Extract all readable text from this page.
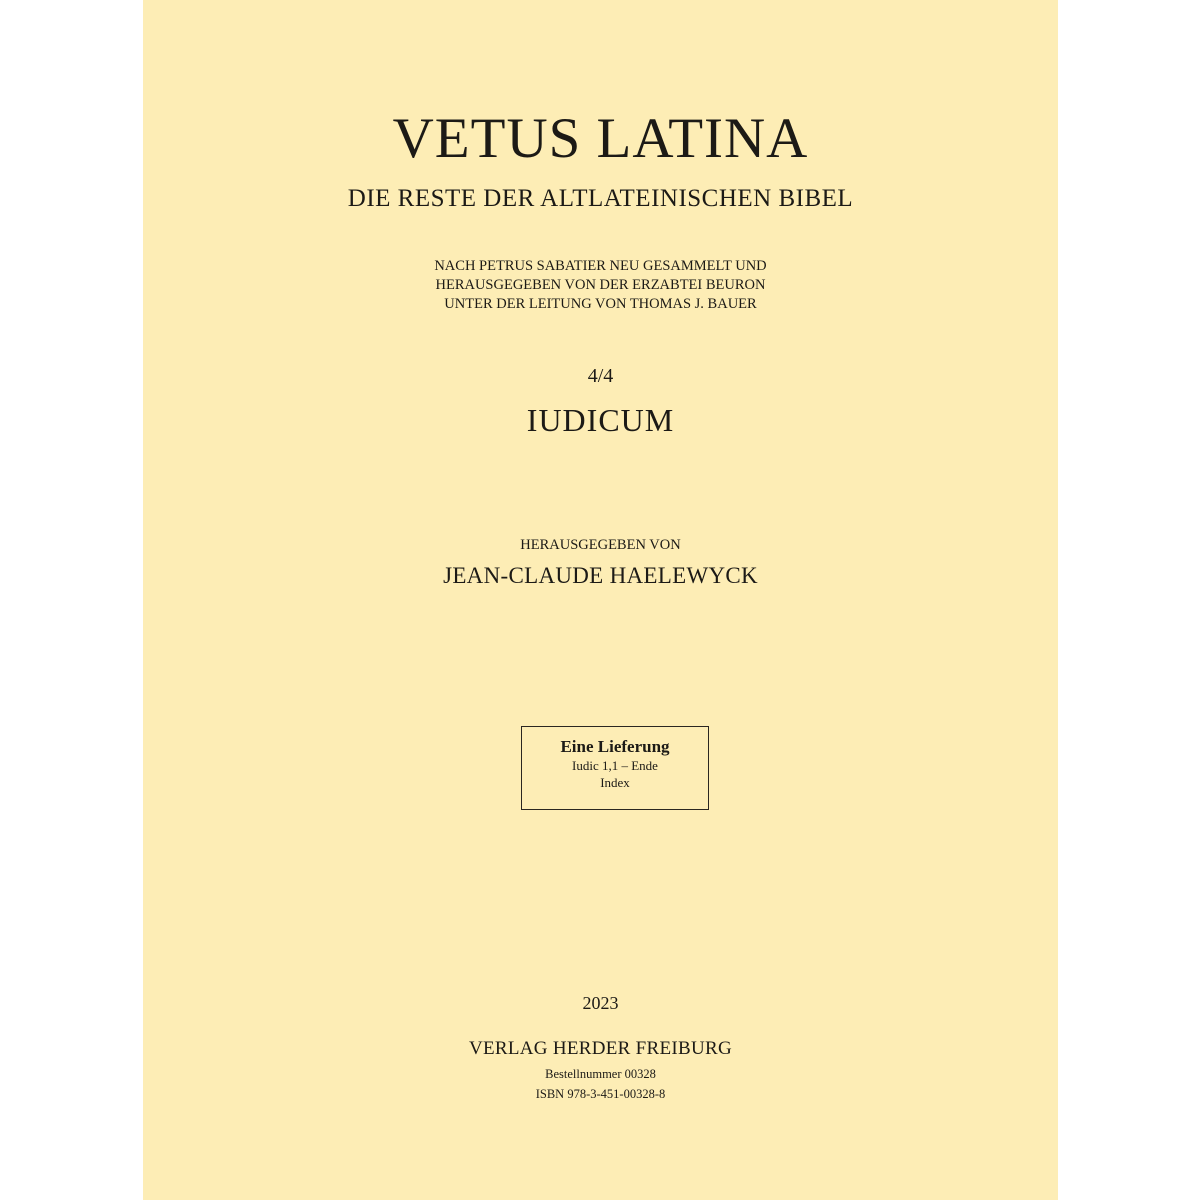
VETUS LATINA
DIE RESTE DER ALTLATEINISCHEN BIBEL
NACH PETRUS SABATIER NEU GESAMMELT UND
HERAUSGEGEBEN VON DER ERZABTEI BEURON
UNTER DER LEITUNG VON THOMAS J. BAUER
4/4
IUDICUM
HERAUSGEGEBEN VON
JEAN-CLAUDE HAELEWYCK
Eine Lieferung
Iudic 1,1 – Ende
Index
2023
VERLAG HERDER FREIBURG
Bestellnummer 00328
ISBN 978-3-451-00328-8
